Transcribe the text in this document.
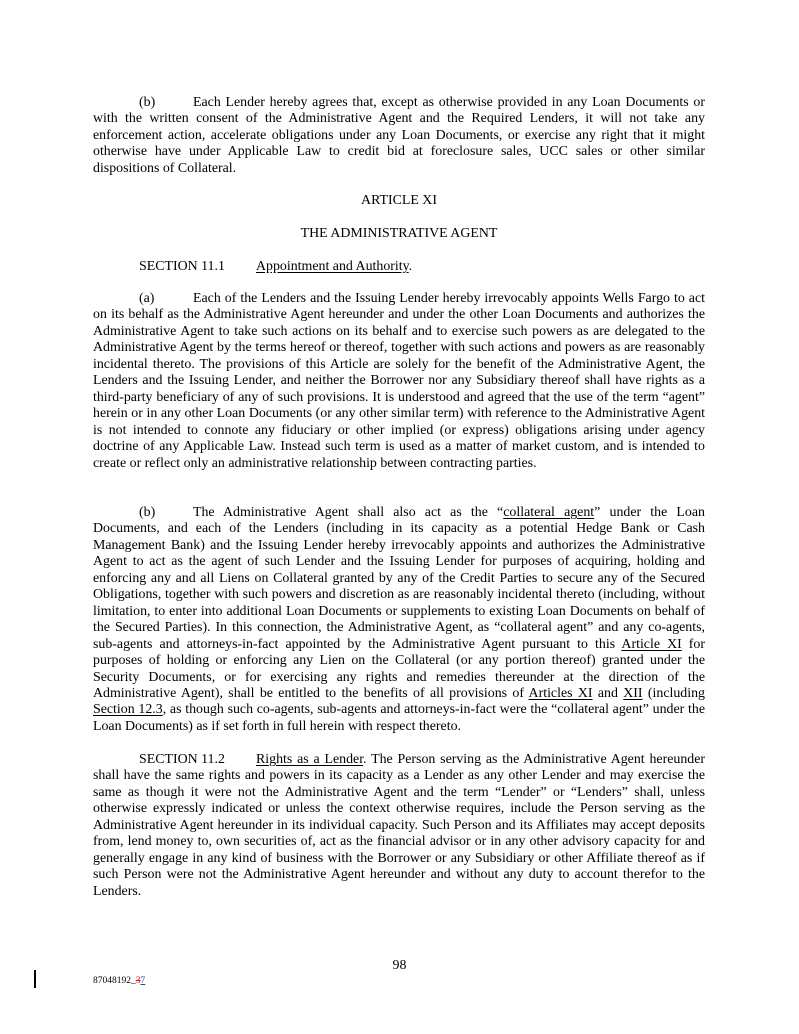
(b)	Each Lender hereby agrees that, except as otherwise provided in any Loan Documents or with the written consent of the Administrative Agent and the Required Lenders, it will not take any enforcement action, accelerate obligations under any Loan Documents, or exercise any right that it might otherwise have under Applicable Law to credit bid at foreclosure sales, UCC sales or other similar dispositions of Collateral.
ARTICLE XI
THE ADMINISTRATIVE AGENT
SECTION 11.1 Appointment and Authority.
(a)	Each of the Lenders and the Issuing Lender hereby irrevocably appoints Wells Fargo to act on its behalf as the Administrative Agent hereunder and under the other Loan Documents and authorizes the Administrative Agent to take such actions on its behalf and to exercise such powers as are delegated to the Administrative Agent by the terms hereof or thereof, together with such actions and powers as are reasonably incidental thereto. The provisions of this Article are solely for the benefit of the Administrative Agent, the Lenders and the Issuing Lender, and neither the Borrower nor any Subsidiary thereof shall have rights as a third-party beneficiary of any of such provisions. It is understood and agreed that the use of the term “agent” herein or in any other Loan Documents (or any other similar term) with reference to the Administrative Agent is not intended to connote any fiduciary or other implied (or express) obligations arising under agency doctrine of any Applicable Law. Instead such term is used as a matter of market custom, and is intended to create or reflect only an administrative relationship between contracting parties.
(b)	The Administrative Agent shall also act as the “collateral agent” under the Loan Documents, and each of the Lenders (including in its capacity as a potential Hedge Bank or Cash Management Bank) and the Issuing Lender hereby irrevocably appoints and authorizes the Administrative Agent to act as the agent of such Lender and the Issuing Lender for purposes of acquiring, holding and enforcing any and all Liens on Collateral granted by any of the Credit Parties to secure any of the Secured Obligations, together with such powers and discretion as are reasonably incidental thereto (including, without limitation, to enter into additional Loan Documents or supplements to existing Loan Documents on behalf of the Secured Parties). In this connection, the Administrative Agent, as “collateral agent” and any co-agents, sub-agents and attorneys-in-fact appointed by the Administrative Agent pursuant to this Article XI for purposes of holding or enforcing any Lien on the Collateral (or any portion thereof) granted under the Security Documents, or for exercising any rights and remedies thereunder at the direction of the Administrative Agent), shall be entitled to the benefits of all provisions of Articles XI and XII (including Section 12.3, as though such co-agents, sub-agents and attorneys-in-fact were the “collateral agent” under the Loan Documents) as if set forth in full herein with respect thereto.
SECTION 11.2 Rights as a Lender. The Person serving as the Administrative Agent hereunder shall have the same rights and powers in its capacity as a Lender as any other Lender and may exercise the same as though it were not the Administrative Agent and the term “Lender” or “Lenders” shall, unless otherwise expressly indicated or unless the context otherwise requires, include the Person serving as the Administrative Agent hereunder in its individual capacity. Such Person and its Affiliates may accept deposits from, lend money to, own securities of, act as the financial advisor or in any other advisory capacity for and generally engage in any kind of business with the Borrower or any Subsidiary or other Affiliate thereof as if such Person were not the Administrative Agent hereunder and without any duty to account therefor to the Lenders.
98
87048192_37
